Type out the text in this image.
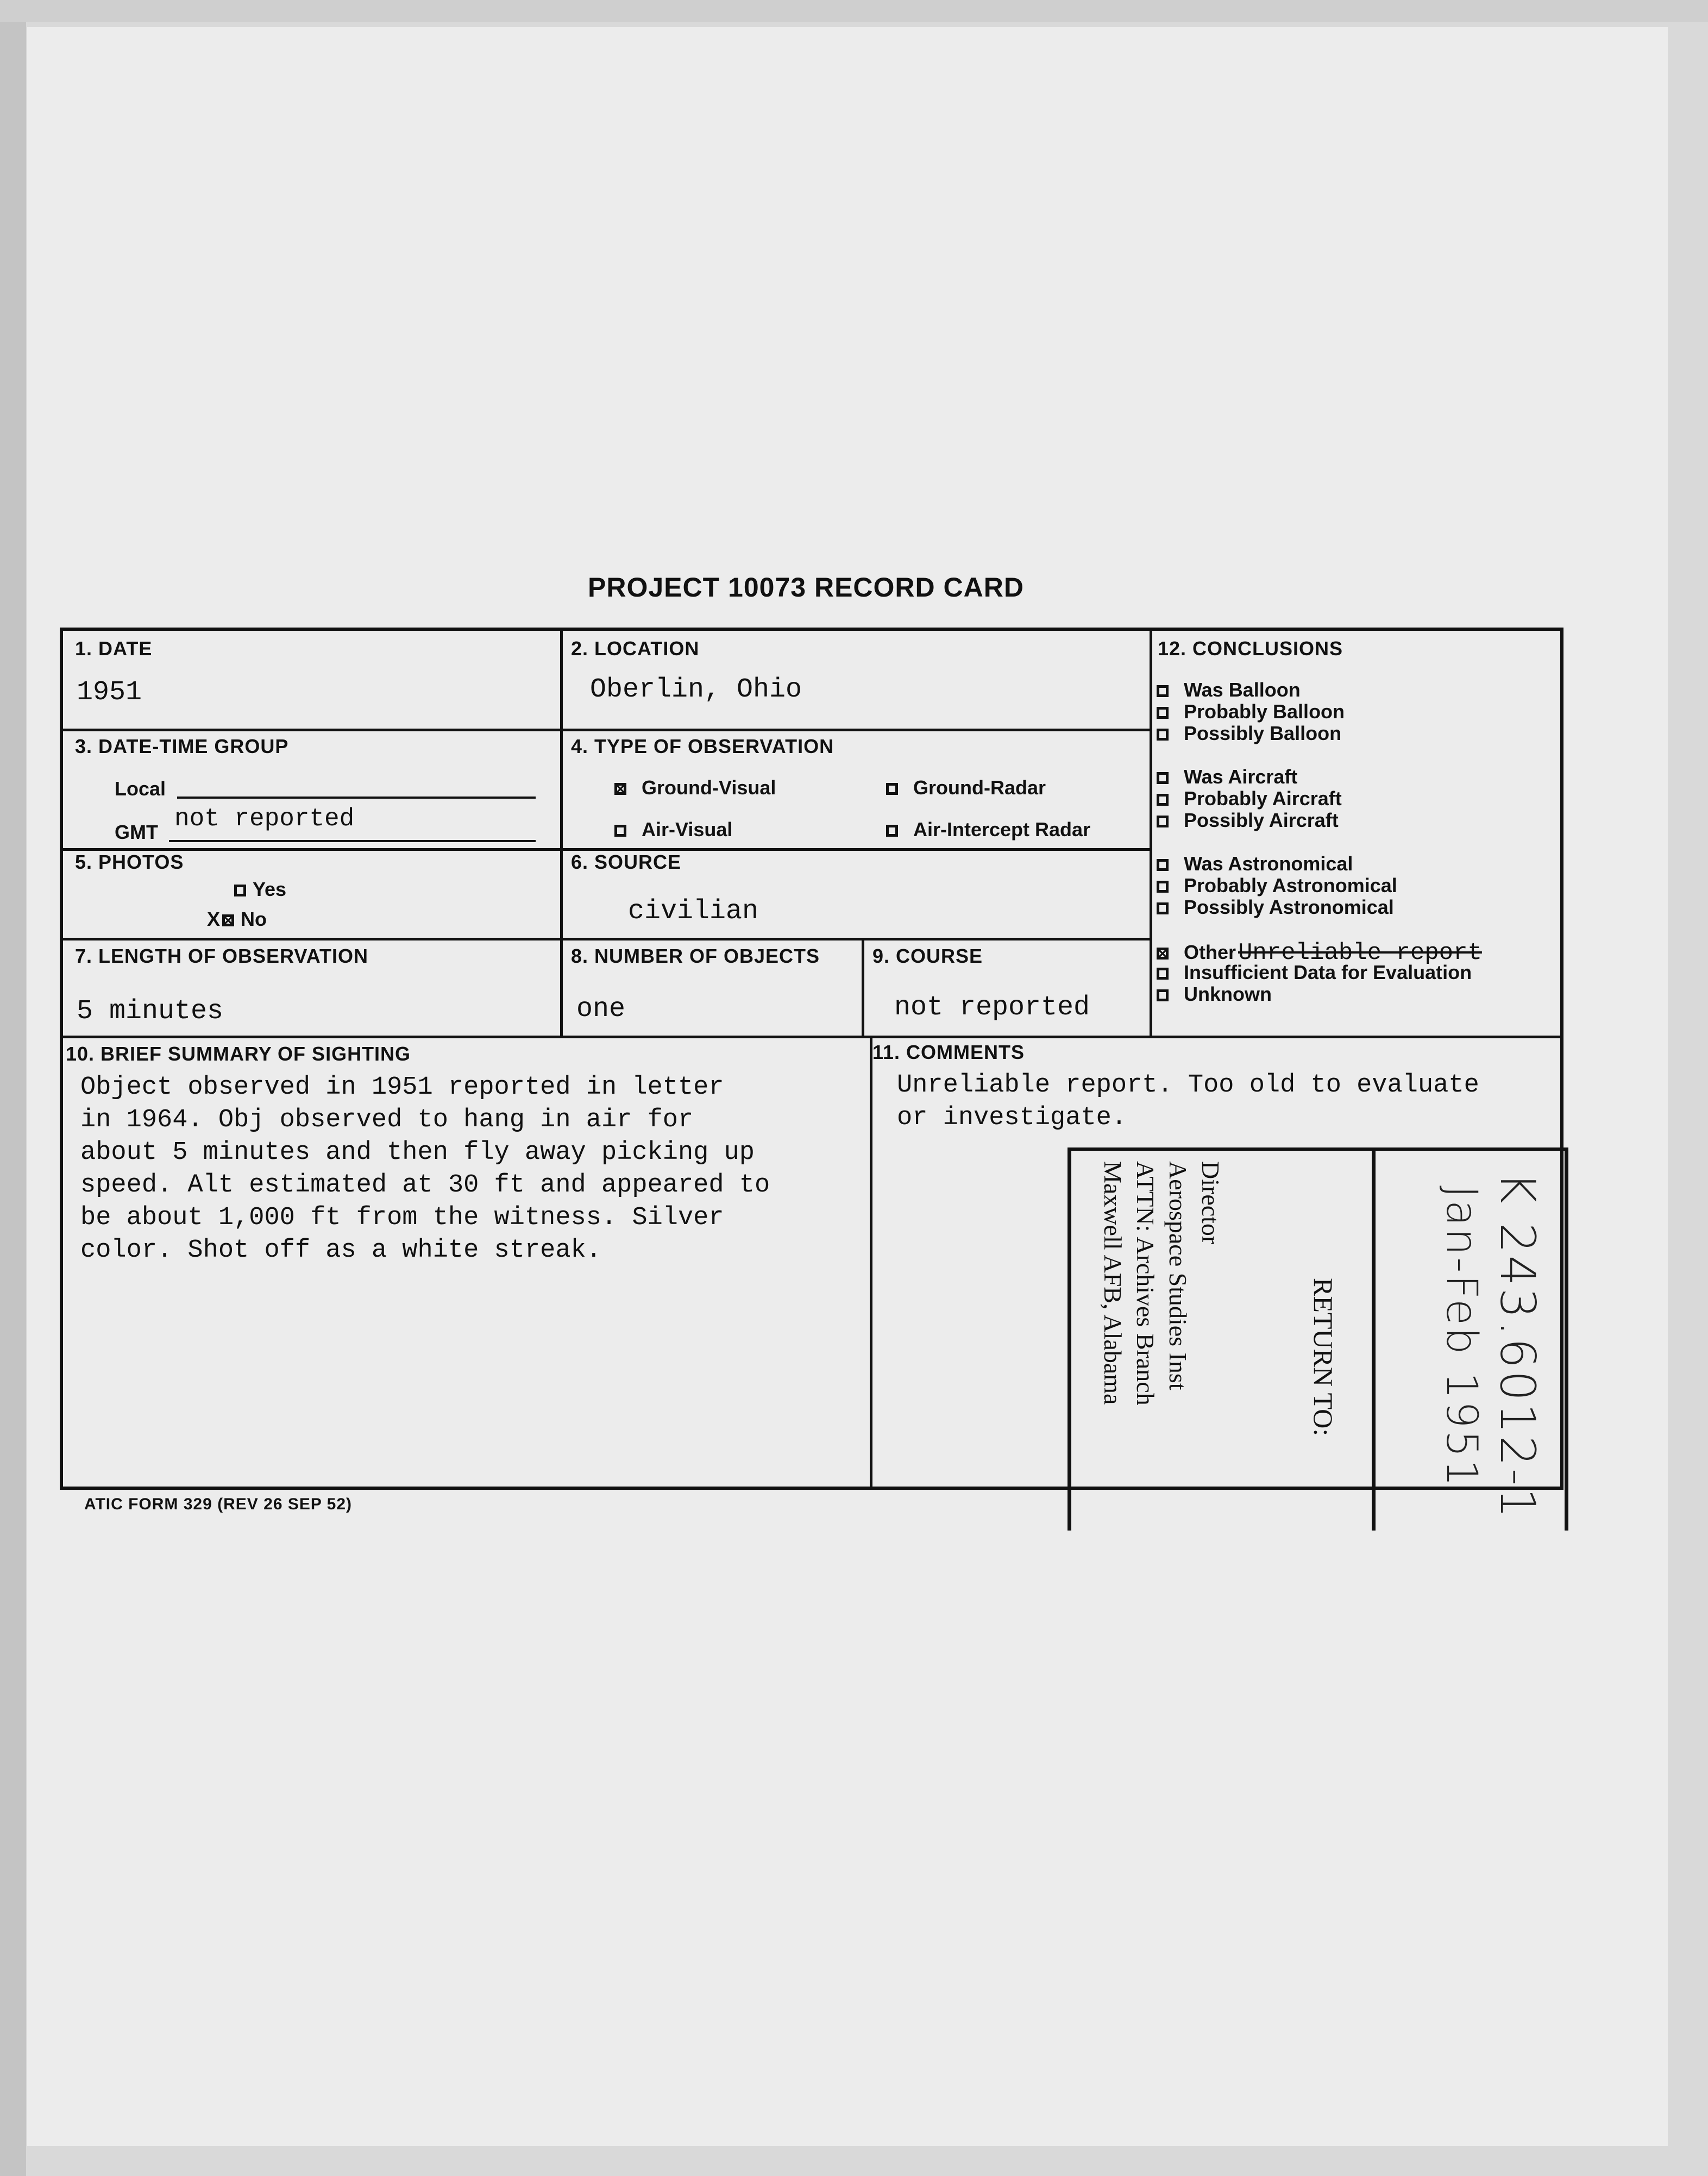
PROJECT 10073 RECORD CARD
1. DATE
1951
2. LOCATION
Oberlin, Ohio
3. DATE-TIME GROUP
Local
GMT not reported
4. TYPE OF OBSERVATION
Ground-Visual	Ground-Radar
Air-Visual	Air-Intercept Radar
5. PHOTOS
Yes
X No
6. SOURCE
civilian
7. LENGTH OF OBSERVATION
5 minutes
8. NUMBER OF OBJECTS
one
9. COURSE
not reported
10. BRIEF SUMMARY OF SIGHTING	11. COMMENTS
Unreliable report. Too old to evaluate
or investigate.
12. CONCLUSIONS
Was Balloon
Probably Balloon
Possibly Balloon
Was Aircraft
Probably Aircraft
Possibly Aircraft
Was Astronomical
Probably Astronomical
Possibly Astronomical
OtherUnreliable report
Insufficient Data for Evaluation
Unknown
Object observed in 1951 reported in letter
in 1964. Obj observed to hang in air for
about 5 minutes and then fly away picking up
speed. Alt estimated at 30 ft and appeared to
be about 1,000 ft from the witness. Silver
color. Shot off as a white streak.
RETURN TO:
Director
Aerospace Studies Inst
ATTN: Archives Branch
Maxwell AFB, Alabama	K 243.6012-1
Jan-Feb 1951
ATIC FORM 329 (REV 26 SEP 52)
